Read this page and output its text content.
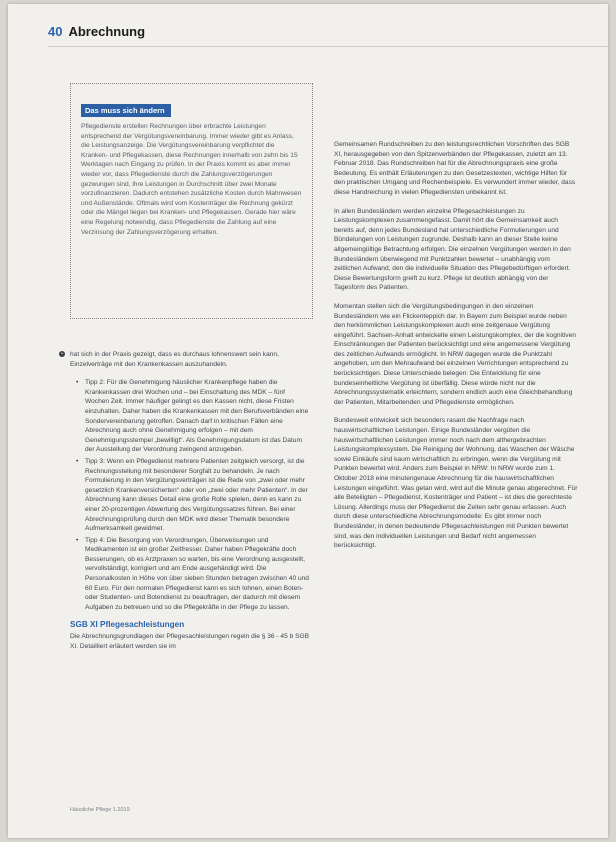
40 Abrechnung
Das muss sich ändern

Pflegedienste erstellen Rechnungen über erbrachte Leistungen entsprechend der Vergütungsvereinbarung. Immer wieder gibt es Anlass, die Leistungsanzeige. Die Vergütungsvereinbarung verpflichtet die Kranken- und Pflegekassen, diese Rechnungen innerhalb von zehn bis 15 Werktagen nach Eingang zu prüfen. In der Praxis kommt es aber immer wieder vor, dass Pflegedienste durch die Zahlungsverzögerungen gezwungen sind, ihre Leistungen in Durchschnitt über zwei Monate vorzufinanzieren. Dadurch entstehen zusätzliche Kosten durch Mahnwesen und Außenstände. Oftmals wird vom Kostenträger die Rechnung gekürzt oder die Mängel liegen bei Kranken- und Pflegekassen. Gerade hier wäre eine Regelung notwendig, dass Pflegedienste die Zahlung auf eine Verzinsung der Zahlungsverzögerung erhalten.

•	hat sich in der Praxis gezeigt, dass es durchaus lohnenswert sein kann, Einzelverträge mit den Krankenkassen auszuhandeln.

• Tipp 2: Für die Genehmigung häuslicher Krankenpflege haben die Krankenkassen drei Wochen und – bei Einschaltung des MDK – fünf Wochen Zeit. Immer häufiger gelingt es den Kassen nicht, diese Fristen einzuhalten. Daher haben die Krankenkassen mit den Berufsverbänden eine Sondervereinbarung getroffen. Danach darf in kritischen Fällen eine Abrechnung auch ohne Genehmigung erfolgen – mit dem Genehmigungsstempel „bewilligt“. Als Genehmigungsdatum ist das Datum der Ausstellung der Verordnung zwingend anzugeben.

• Tipp 3: Wenn ein Pflegedienst mehrere Patienten zeitgleich versorgt, ist die Rechnungsstellung mit besonderer Sorgfalt zu behandeln. Je nach Formulierung in den Vergütungsverträgen ist die Rede von „zwei oder mehr gesetzlich Krankenversicherten“ oder von „zwei oder mehr Patienten“. In der Abrechnung kann dieses Detail eine große Rolle spielen, denn es kann zu einer 20-prozentigen Abwertung des Vergütungssatzes führen. Bei einer Abrechnungsprüfung durch den MDK wird dieser Thematik besondere Aufmerksamkeit gewidmet.

• Tipp 4: Die Besorgung von Verordnungen, Überweisungen und Medikamenten ist ein großer Zeitfresser. Daher haben Pflegekräfte doch Besserungen, ob es Arztpraxen so warten, bis eine Verordnung ausgestellt, vervollständigt, korrigiert und am Ende ausgehändigt wird. Die Personalkosten in Höhe von über sieben Stunden betragen zwischen 40 und 60 Euro. Für den normalen Pflegedienst kann es sich lohnen, einen Boten- oder Studenten- und Botendienst zu beauftragen, der dadurch mit diesem Aufgaben zu betreuen und so die Pflegekräfte in der Pflege zu lassen.

SGB XI Pflegesachleistungen

Die Abrechnungsgrundlagen der Pflegesachleistungen regeln die § 36 - 45 b SGB XI. Detailliert erläutert werden sie im

Gemeinsamen Rundschreiben zu den leistungsrechtlichen Vorschriften des SGB XI, herausgegeben von den Spitzenverbänden der Pflegekassen, zuletzt am 13. Februar 2018. Das Rundschreiben hat für die Abrechnungspraxis eine große Bedeutung. Es enthält Erläuterungen zu den Gesetzestexten, wichtige Hilfen für den praktischen Umgang und Rechenbeispiele. Es verwundert immer wieder, dass diese Handreichung in vielen Pflegediensten unbekannt ist.

In allen Bundesländern werden einzelne Pflegesachleistungen zu Leistungskomplexen zusammengefasst. Damit hört die Gemeinsamkeit auch bereits auf, denn jedes Bundesland hat unterschiedliche Formulierungen und Bündelungen von Leistungen zugrunde. Deshalb kann an dieser Stelle keine allgemeingültige Betrachtung erfolgen. Die einzelnen Vergütungen werden in den Bundesländern überwiegend mit Punktzahlen bewertet – unabhängig vom zeitlichen Aufwand, den die individuelle Situation des Pflegebedürftigen erfordert. Diese Bewertungsform greift zu kurz. Pflege ist deutlich abhängig von der Tagesform des Patienten.

Momentan stellen sich die Vergütungsbedingungen in den einzelnen Bundesländern wie ein Flickenteppich dar. In Bayern zum Beispiel wurde neben den herkömmlichen Leistungskomplexen auch eine zeitgenaue Vergütung eingeführt. Sachsen-Anhalt entwickelte einen Leistungskomplex, der die kognitiven Einschränkungen der Patienten berücksichtigt und eine angemessene Vergütung des zeitlichen Aufwands ermöglicht. In NRW dagegen wurde die Punktzahl angehoben, um den Mehraufwand bei einzelnen Verrichtungen entsprechend zu berücksichtigen. Diese Unterschiede belegen: Die Entwicklung für eine bundeseinheitliche Vergütung ist überfällig. Diese würde nicht nur die Abrechnungssystematik erleichtern, sondern endlich auch eine Gleichbehandlung der Patienten, Mitarbeitenden und Pflegedienste ermöglichen.

Bundesweit entwickelt sich besonders rasant die Nachfrage nach hauswirtschaftlichen Leistungen. Einige Bundesländer vergüten die hauswirtschaftlichen Leistungen immer noch nach dem althergebrachten Leistungskomplexsystem. Die Reinigung der Wohnung, das Waschen der Wäsche sowie Einkäufe sind kaum wirtschaftlich zu erbringen, wenn die Vergütung mit Punkten bewertet wird. Anders zum Beispiel in NRW: In NRW wurde zum 1. Oktober 2018 eine minutengenaue Abrechnung für die hauswirtschaftlichen Leistungen eingeführt. Was getan wird, wird auf die Minute genau abgerechnet. Für alle Beteiligten – Pflegedienst, Kostenträger und Patient – ist dies die gerechteste Lösung. Allerdings muss der Pflegedienst die Zeiten sehr genau erfassen. Auch durch diese unterschiedliche Abrechnungsmodelle: Es gibt immer noch Bundesländer, in denen bedeutende Pflegesachleistungen mit Punkten bewertet sind, was den individuellen Leistungen und Bedarf nicht angemessen berücksichtigt.

Häusliche Pflege 1.2019
